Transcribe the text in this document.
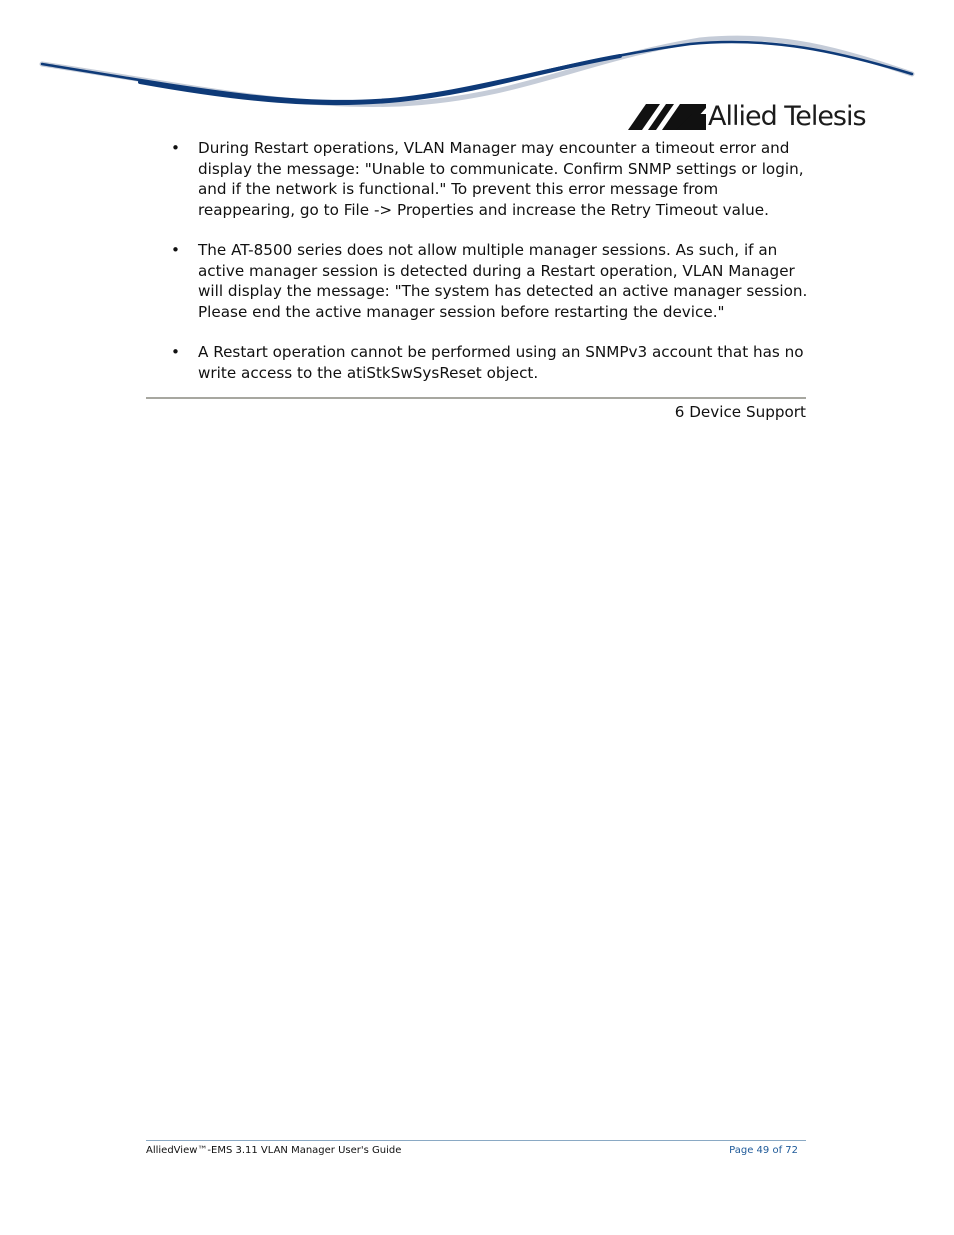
Allied Telesis
• During Restart operations, VLAN Manager may encounter a timeout error and display the message: "Unable to communicate. Confirm SNMP settings or login, and if the network is functional." To prevent this error message from reappearing, go to File -> Properties and increase the Retry Timeout value.
• The AT-8500 series does not allow multiple manager sessions. As such, if an active manager session is detected during a Restart operation, VLAN Manager will display the message: "The system has detected an active manager session. Please end the active manager session before restarting the device."
• A Restart operation cannot be performed using an SNMPv3 account that has no write access to the atiStkSwSysReset object.
6 Device Support
AlliedView™-EMS 3.11 VLAN Manager User's Guide	Page 49 of 72
